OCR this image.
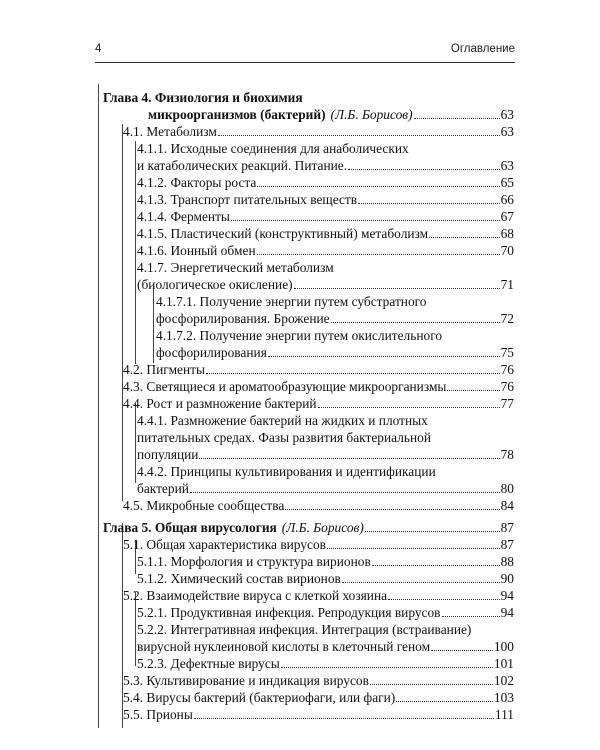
4	Оглавление
Глава 4. Физиология и биохимия
микроорганизмов (бактерий) (Л.Б. Борисов)	63
4.1. Метаболизм	63
4.1.1. Исходные соединения для анаболических
и катаболических реакций. Питание.	63
4.1.2. Факторы роста	65
4.1.3. Транспорт питательных веществ	66
4.1.4. Ферменты	67
4.1.5. Пластический (конструктивный) метаболизм	68
4.1.6. Ионный обмен	70
4.1.7. Энергетический метаболизм
(биологическое окисление)	71
4.1.7.1. Получение энергии путем субстратного
фосфорилирования. Брожение	72
4.1.7.2. Получение энергии путем окислительного
фосфорилирования	75
4.2. Пигменты	76
4.3. Светящиеся и ароматообразующие микроорганизмы	76
4.4. Рост и размножение бактерий	77
4.4.1. Размножение бактерий на жидких и плотных
питательных средах. Фазы развития бактериальной
популяции	78
4.4.2. Принципы культивирования и идентификации
бактерий	80
4.5. Микробные сообщества	84
Глава 5. Общая вирусология (Л.Б. Борисов)	87
5.1. Общая характеристика вирусов	87
5.1.1. Морфология и структура вирионов	88
5.1.2. Химический состав вирионов	90
5.2. Взаимодействие вируса с клеткой хозяина	94
5.2.1. Продуктивная инфекция. Репродукция вирусов	94
5.2.2. Интегративная инфекция. Интеграция (встраивание)
вирусной нуклеиновой кислоты в клеточный геном	100
5.2.3. Дефектные вирусы	101
5.3. Культивирование и индикация вирусов	102
5.4. Вирусы бактерий (бактериофаги, или фаги)	103
5.5. Прионы	111
